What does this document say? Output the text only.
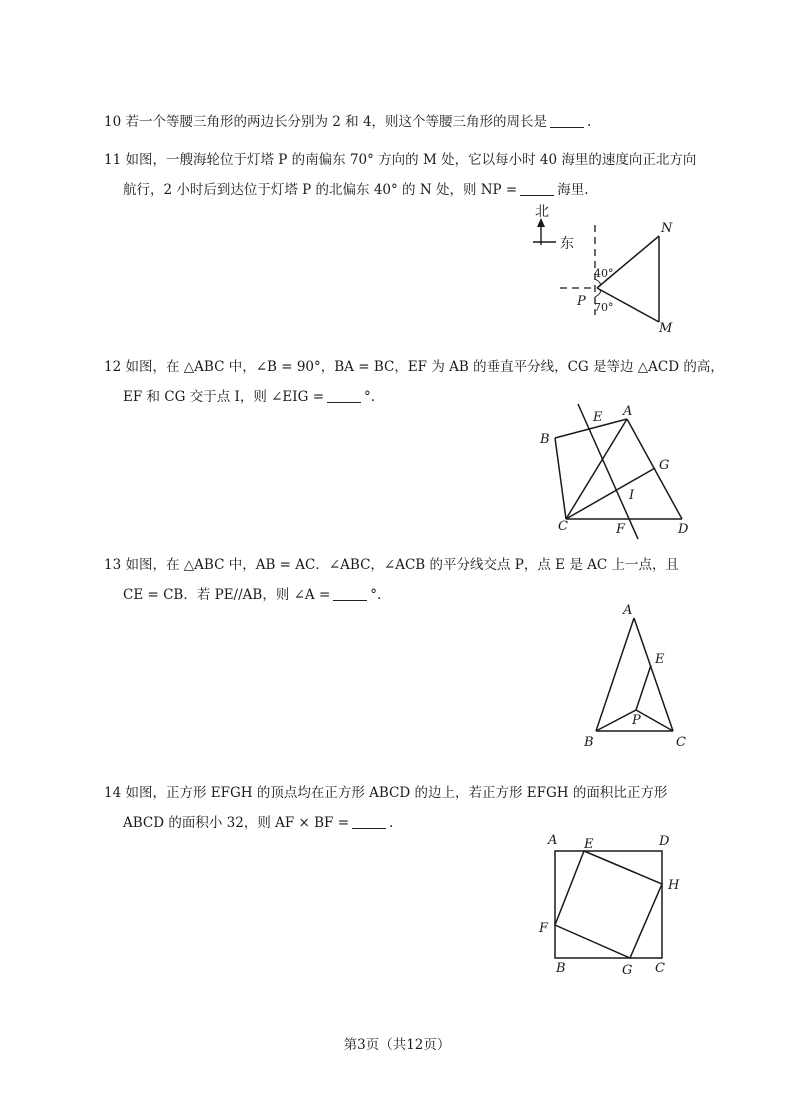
10 若一个等腰三角形的两边长分别为 2 和 4，则这个等腰三角形的周长是	.
11 如图，一艘海轮位于灯塔 P 的南偏东 70° 方向的 M 处，它以每小时 40 海里的速度向正北方向
航行，2 小时后到达位于灯塔 P 的北偏东 40° 的 N 处，则 NP =	海里.
北
东
N
P
M
40°
70°
12 如图，在 △ABC 中，∠B = 90°，BA = BC，EF 为 AB 的垂直平分线，CG 是等边 △ACD 的高，
EF 和 CG 交于点 I，则 ∠EIG =	°.
E A
B
G
I
C	F	D
13 如图，在 △ABC 中，AB = AC．∠ABC，∠ACB 的平分线交点 P，点 E 是 AC 上一点，且
CE = CB．若 PE//AB，则 ∠A =	°.
A
E
P
B	C
14 如图，正方形 EFGH 的顶点均在正方形 ABCD 的边上，若正方形 EFGH 的面积比正方形
ABCD 的面积小 32，则 AF × BF =	.
A E	D
H
F
B	G C
第3页（共12页）
